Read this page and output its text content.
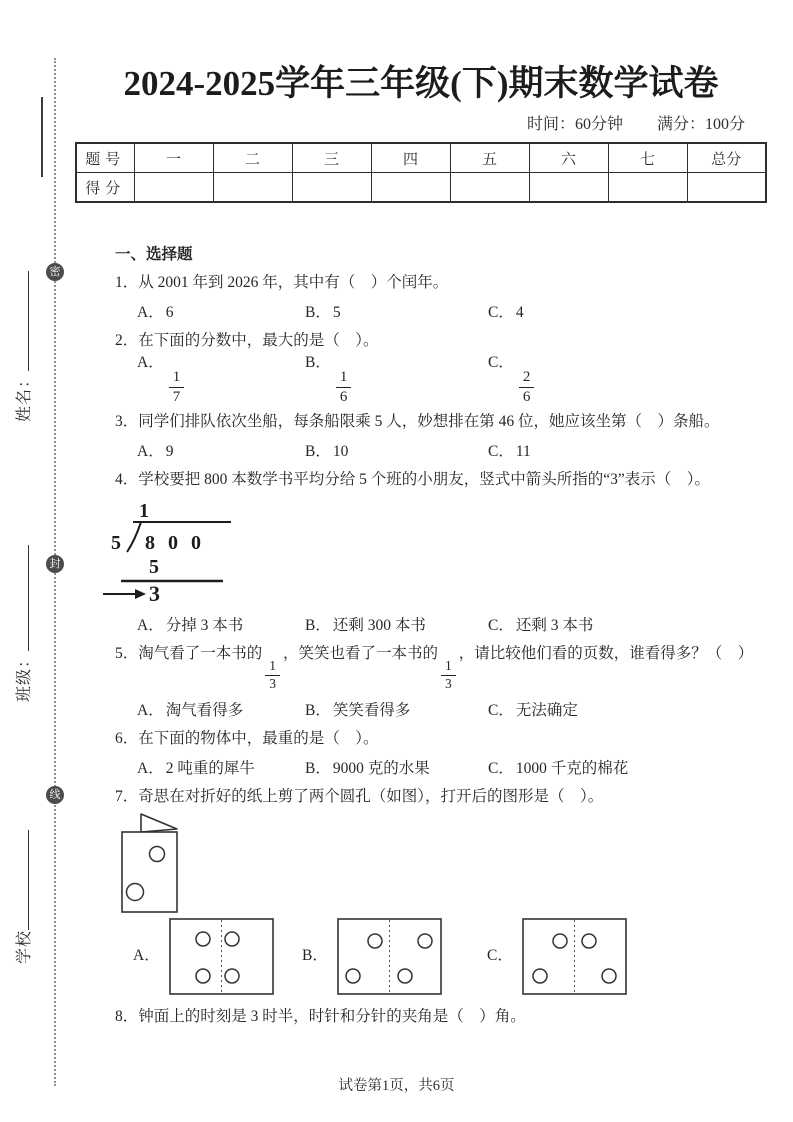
密
封
线
姓名：
班级：
学校
2024-2025学年三年级(下)期末数学试卷
时间：60分钟 满分：100分
题号	一	二	三	四	五	六	七	总分
得分								
一、选择题
1．从 2001 年到 2026 年，其中有（　）个闰年。
A． 6	B． 5	C． 4
2．在下面的分数中，最大的是（　）。
A．
$\frac{1}{7}$
B．
$\frac{1}{6}$
C．
$\frac{2}{6}$
3．同学们排队依次坐船，每条船限乘 5 人，妙想排在第 46 位，她应该坐第（　）条船。
A． 9	B． 10	C． 11
4．学校要把 800 本数学书平均分给 5 个班的小朋友，竖式中箭头所指的“3”表示（　）。
1
5 8 0 0
5
3
A． 分掉 3 本书	B． 还剩 300 本书	C． 还剩 3 本书
5．淘气看了一本书的
$\frac{1}{3}$
，笑笑也看了一本书的
$\frac{1}{3}$
，请比较他们看的页数，谁看得多？（　）
A． 淘气看得多	B． 笑笑看得多	C． 无法确定
6．在下面的物体中，最重的是（　）。
A． 2 吨重的犀牛	B． 9000 克的水果	C． 1000 千克的棉花
7．奇思在对折好的纸上剪了两个圆孔（如图），打开后的图形是（　）。
A．	B．	C．
8．钟面上的时刻是 3 时半，时针和分针的夹角是（　）角。
试卷第1页，共6页
